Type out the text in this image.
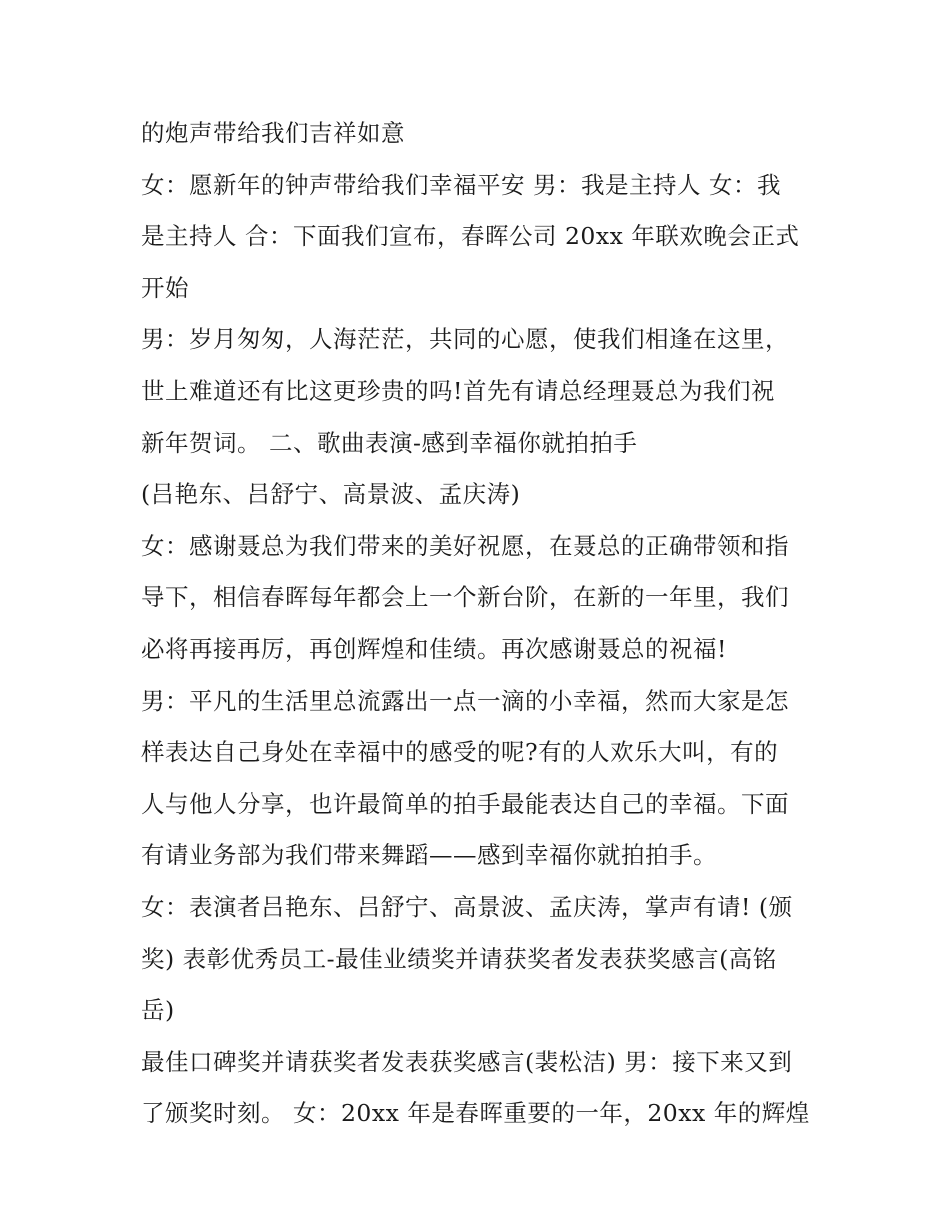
的炮声带给我们吉祥如意
女：愿新年的钟声带给我们幸福平安 男：我是主持人 女：我
是主持人 合：下面我们宣布，春晖公司 20xx 年联欢晚会正式
开始
男：岁月匆匆，人海茫茫，共同的心愿，使我们相逢在这里，
世上难道还有比这更珍贵的吗!首先有请总经理聂总为我们祝
新年贺词。 二、歌曲表演-感到幸福你就拍拍手
(吕艳东、吕舒宁、高景波、孟庆涛)
女：感谢聂总为我们带来的美好祝愿，在聂总的正确带领和指
导下，相信春晖每年都会上一个新台阶，在新的一年里，我们
必将再接再厉，再创辉煌和佳绩。再次感谢聂总的祝福!
男：平凡的生活里总流露出一点一滴的小幸福，然而大家是怎
样表达自己身处在幸福中的感受的呢?有的人欢乐大叫，有的
人与他人分享，也许最简单的拍手最能表达自己的幸福。下面
有请业务部为我们带来舞蹈——感到幸福你就拍拍手。
女：表演者吕艳东、吕舒宁、高景波、孟庆涛，掌声有请! (颁
奖) 表彰优秀员工-最佳业绩奖并请获奖者发表获奖感言(高铭
岳)
最佳口碑奖并请获奖者发表获奖感言(裴松洁) 男：接下来又到
了颁奖时刻。 女：20xx 年是春晖重要的一年，20xx 年的辉煌
